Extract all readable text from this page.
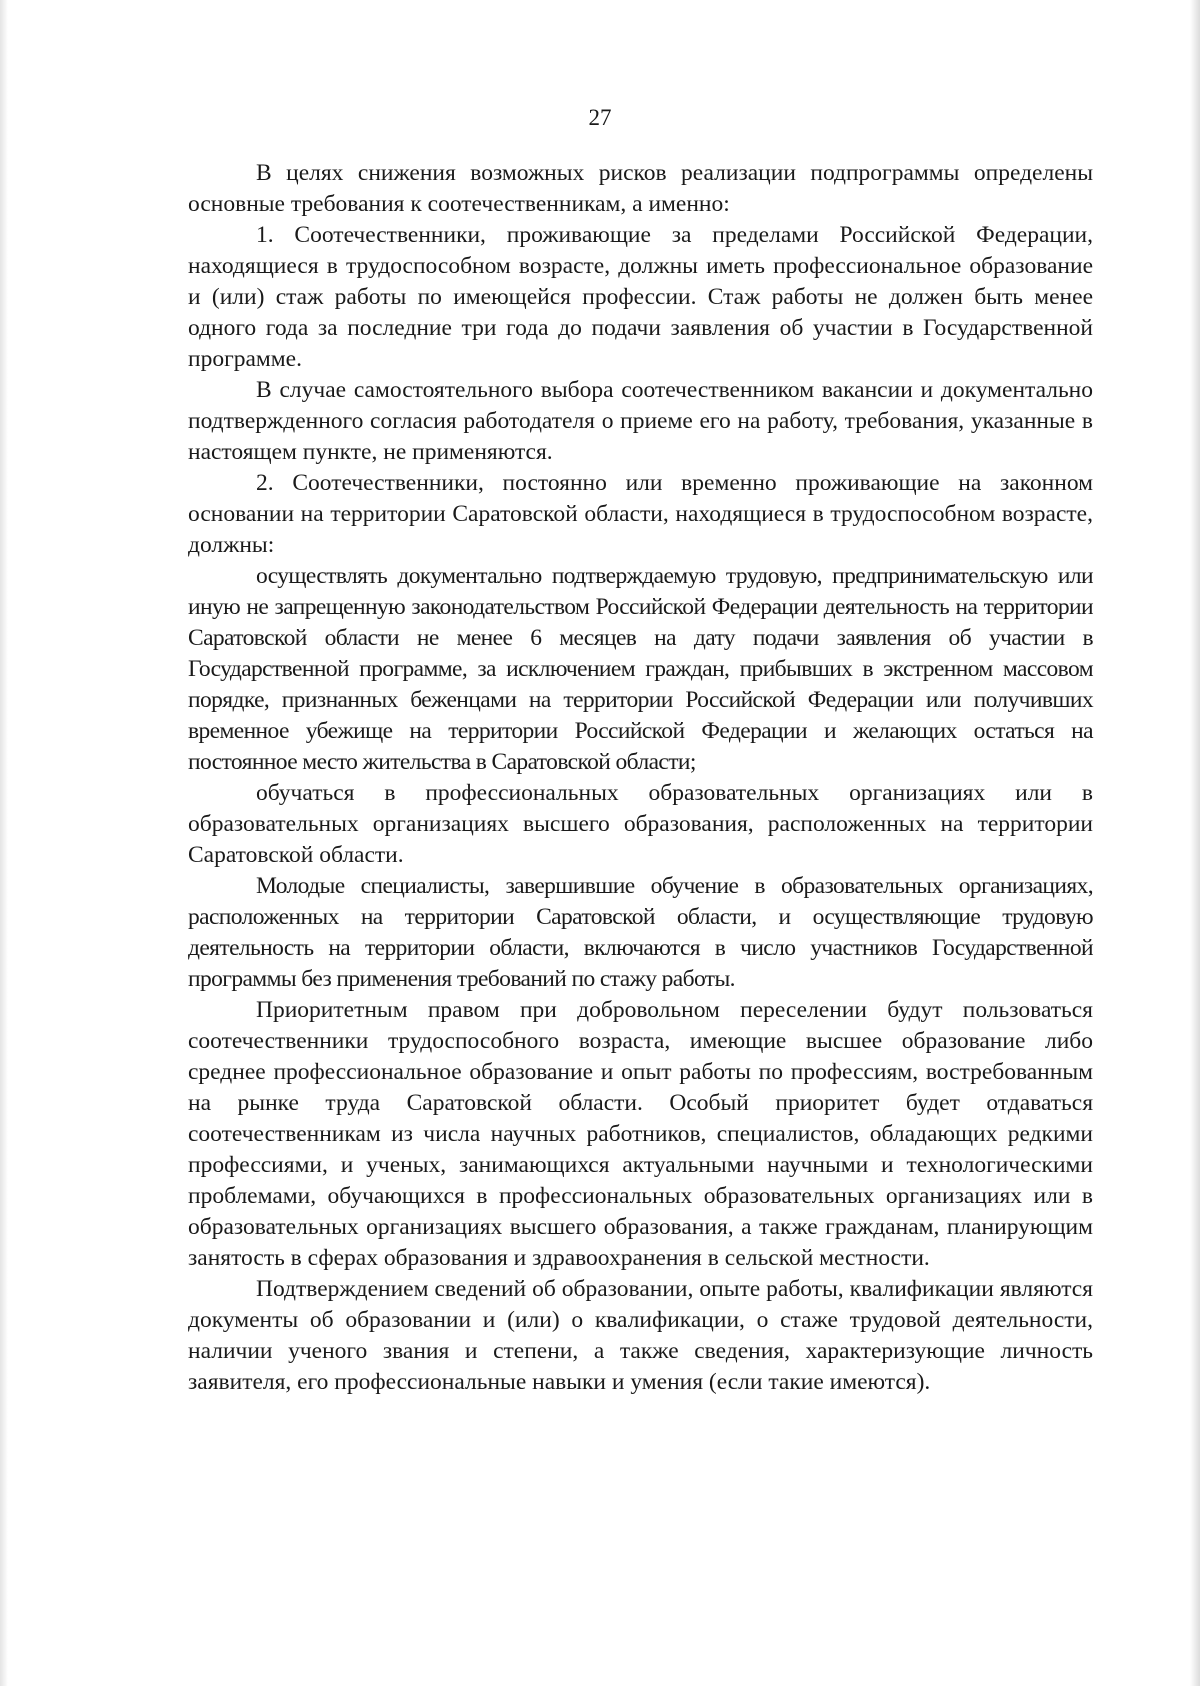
27

В целях снижения возможных рисков реализации подпрограммы определены основные требования к соотечественникам, а именно:

1. Соотечественники, проживающие за пределами Российской Федерации, находящиеся в трудоспособном возрасте, должны иметь профессиональное образование и (или) стаж работы по имеющейся профессии. Стаж работы не должен быть менее одного года за последние три года до подачи заявления об участии в Государственной программе.

В случае самостоятельного выбора соотечественником вакансии и документально подтвержденного согласия работодателя о приеме его на работу, требования, указанные в настоящем пункте, не применяются.

2. Соотечественники, постоянно или временно проживающие на законном основании на территории Саратовской области, находящиеся в трудоспособном возрасте, должны:

осуществлять документально подтверждаемую трудовую, предпринимательскую или иную не запрещенную законодательством Российской Федерации деятельность на территории Саратовской области не менее 6 месяцев на дату подачи заявления об участии в Государственной программе, за исключением граждан, прибывших в экстренном массовом порядке, признанных беженцами на территории Российской Федерации или получивших временное убежище на территории Российской Федерации и желающих остаться на постоянное место жительства в Саратовской области;

обучаться в профессиональных образовательных организациях или в образовательных организациях высшего образования, расположенных на территории Саратовской области.

Молодые специалисты, завершившие обучение в образовательных организациях, расположенных на территории Саратовской области, и осуществляющие трудовую деятельность на территории области, включаются в число участников Государственной программы без применения требований по стажу работы.

Приоритетным правом при добровольном переселении будут пользоваться соотечественники трудоспособного возраста, имеющие высшее образование либо среднее профессиональное образование и опыт работы по профессиям, востребованным на рынке труда Саратовской области. Особый приоритет будет отдаваться соотечественникам из числа научных работников, специалистов, обладающих редкими профессиями, и ученых, занимающихся актуальными научными и технологическими проблемами, обучающихся в профессиональных образовательных организациях или в образовательных организациях высшего образования, а также гражданам, планирующим занятость в сферах образования и здравоохранения в сельской местности.

Подтверждением сведений об образовании, опыте работы, квалификации являются документы об образовании и (или) о квалификации, о стаже трудовой деятельности, наличии ученого звания и степени, а также сведения, характеризующие личность заявителя, его профессиональные навыки и умения (если такие имеются).
